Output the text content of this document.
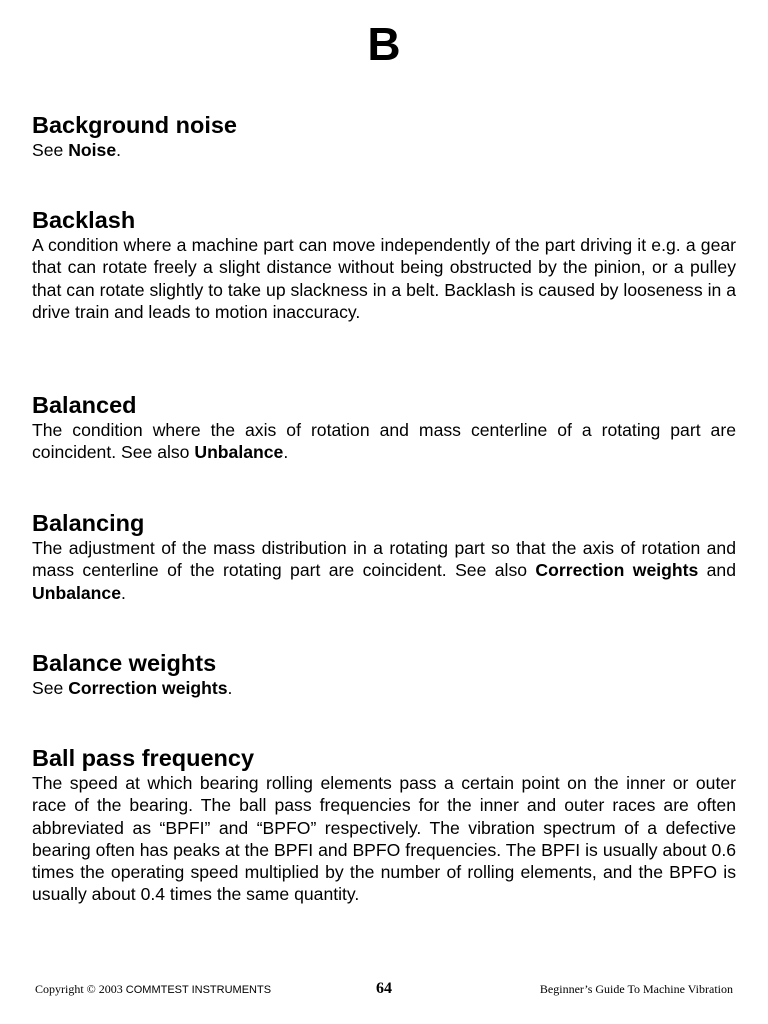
B

Background noise

See Noise.

Backlash

A condition where a machine part can move independently of the part driving it e.g. a gear that can rotate freely a slight distance without being obstructed by the pinion, or a pulley that can rotate slightly to take up slackness in a belt. Backlash is caused by looseness in a drive train and leads to motion inaccuracy.

Balanced

The condition where the axis of rotation and mass centerline of a rotating part are coincident. See also Unbalance.

Balancing

The adjustment of the mass distribution in a rotating part so that the axis of rotation and mass centerline of the rotating part are coincident. See also Correction weights and Unbalance.

Balance weights

See Correction weights.

Ball pass frequency

The speed at which bearing rolling elements pass a certain point on the inner or outer race of the bearing. The ball pass frequencies for the inner and outer races are often abbreviated as “BPFI” and “BPFO” respectively. The vibration spectrum of a defective bearing often has peaks at the BPFI and BPFO frequencies. The BPFI is usually about 0.6 times the operating speed multiplied by the number of rolling elements, and the BPFO is usually about 0.4 times the same quantity.

Copyright © 2003 COMMTEST INSTRUMENTS	64	Beginner’s Guide To Machine Vibration
